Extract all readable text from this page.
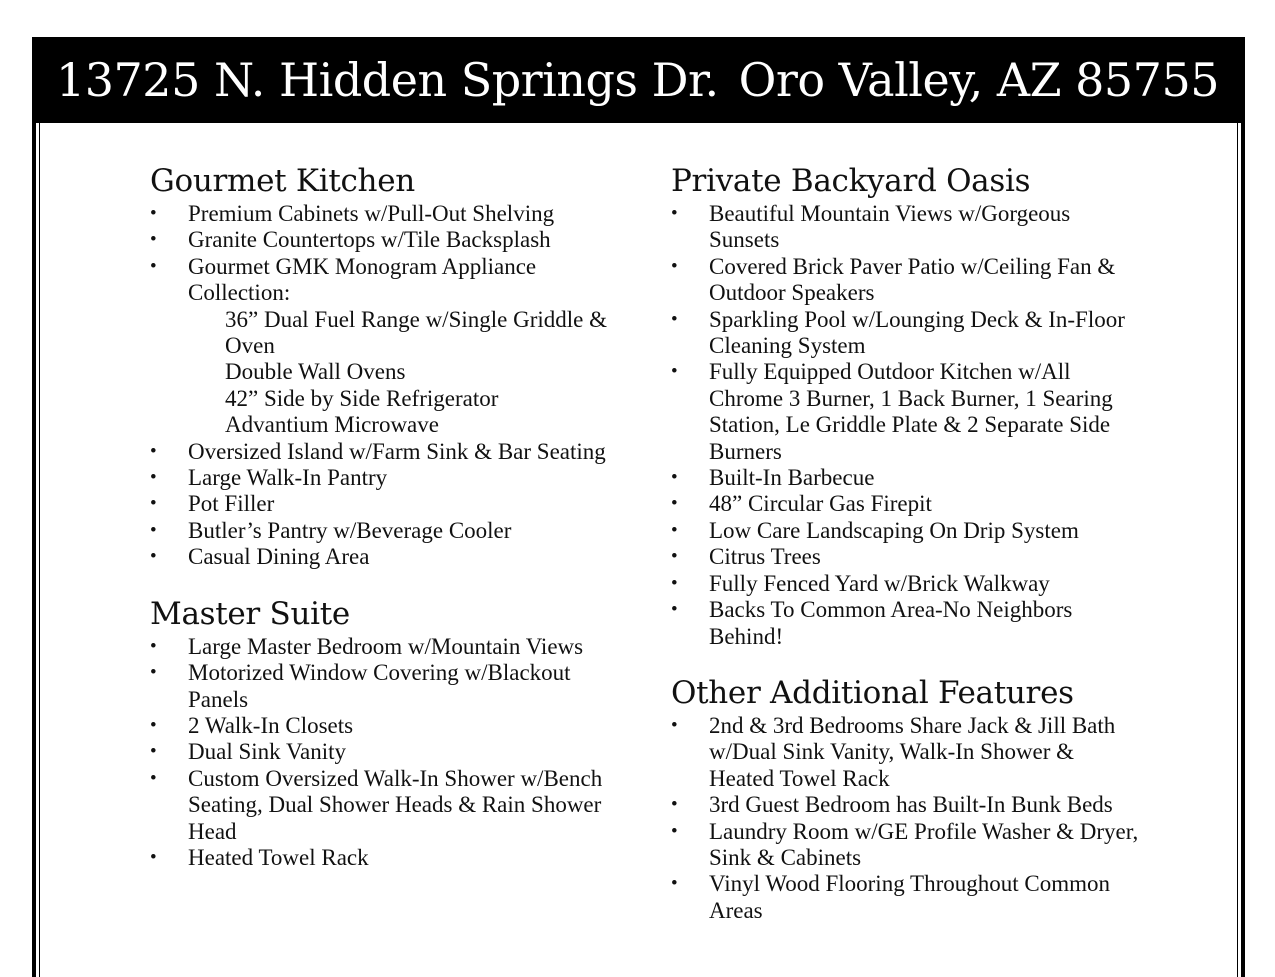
13725 N. Hidden Springs Dr. Oro Valley, AZ 85755
Gourmet Kitchen
• Premium Cabinets w/Pull-Out Shelving
• Granite Countertops w/Tile Backsplash
• Gourmet GMK Monogram Appliance Collection:
36” Dual Fuel Range w/Single Griddle & Oven
Double Wall Ovens
42” Side by Side Refrigerator
Advantium Microwave
• Oversized Island w/Farm Sink & Bar Seating
• Large Walk-In Pantry
• Pot Filler
• Butler’s Pantry w/Beverage Cooler
• Casual Dining Area
Master Suite
• Large Master Bedroom w/Mountain Views
• Motorized Window Covering w/Blackout Panels
• 2 Walk-In Closets
• Dual Sink Vanity
• Custom Oversized Walk-In Shower w/Bench Seating, Dual Shower Heads & Rain Shower Head
• Heated Towel Rack
Private Backyard Oasis
• Beautiful Mountain Views w/Gorgeous Sunsets
• Covered Brick Paver Patio w/Ceiling Fan & Outdoor Speakers
• Sparkling Pool w/Lounging Deck & In-Floor Cleaning System
• Fully Equipped Outdoor Kitchen w/All Chrome 3 Burner, 1 Back Burner, 1 Searing Station, Le Griddle Plate & 2 Separate Side Burners
• Built-In Barbecue
• 48” Circular Gas Firepit
• Low Care Landscaping On Drip System
• Citrus Trees
• Fully Fenced Yard w/Brick Walkway
• Backs To Common Area-No Neighbors Behind!
Other Additional Features
• 2nd & 3rd Bedrooms Share Jack & Jill Bath w/Dual Sink Vanity, Walk-In Shower & Heated Towel Rack
• 3rd Guest Bedroom has Built-In Bunk Beds
• Laundry Room w/GE Profile Washer & Dryer, Sink & Cabinets
• Vinyl Wood Flooring Throughout Common Areas
